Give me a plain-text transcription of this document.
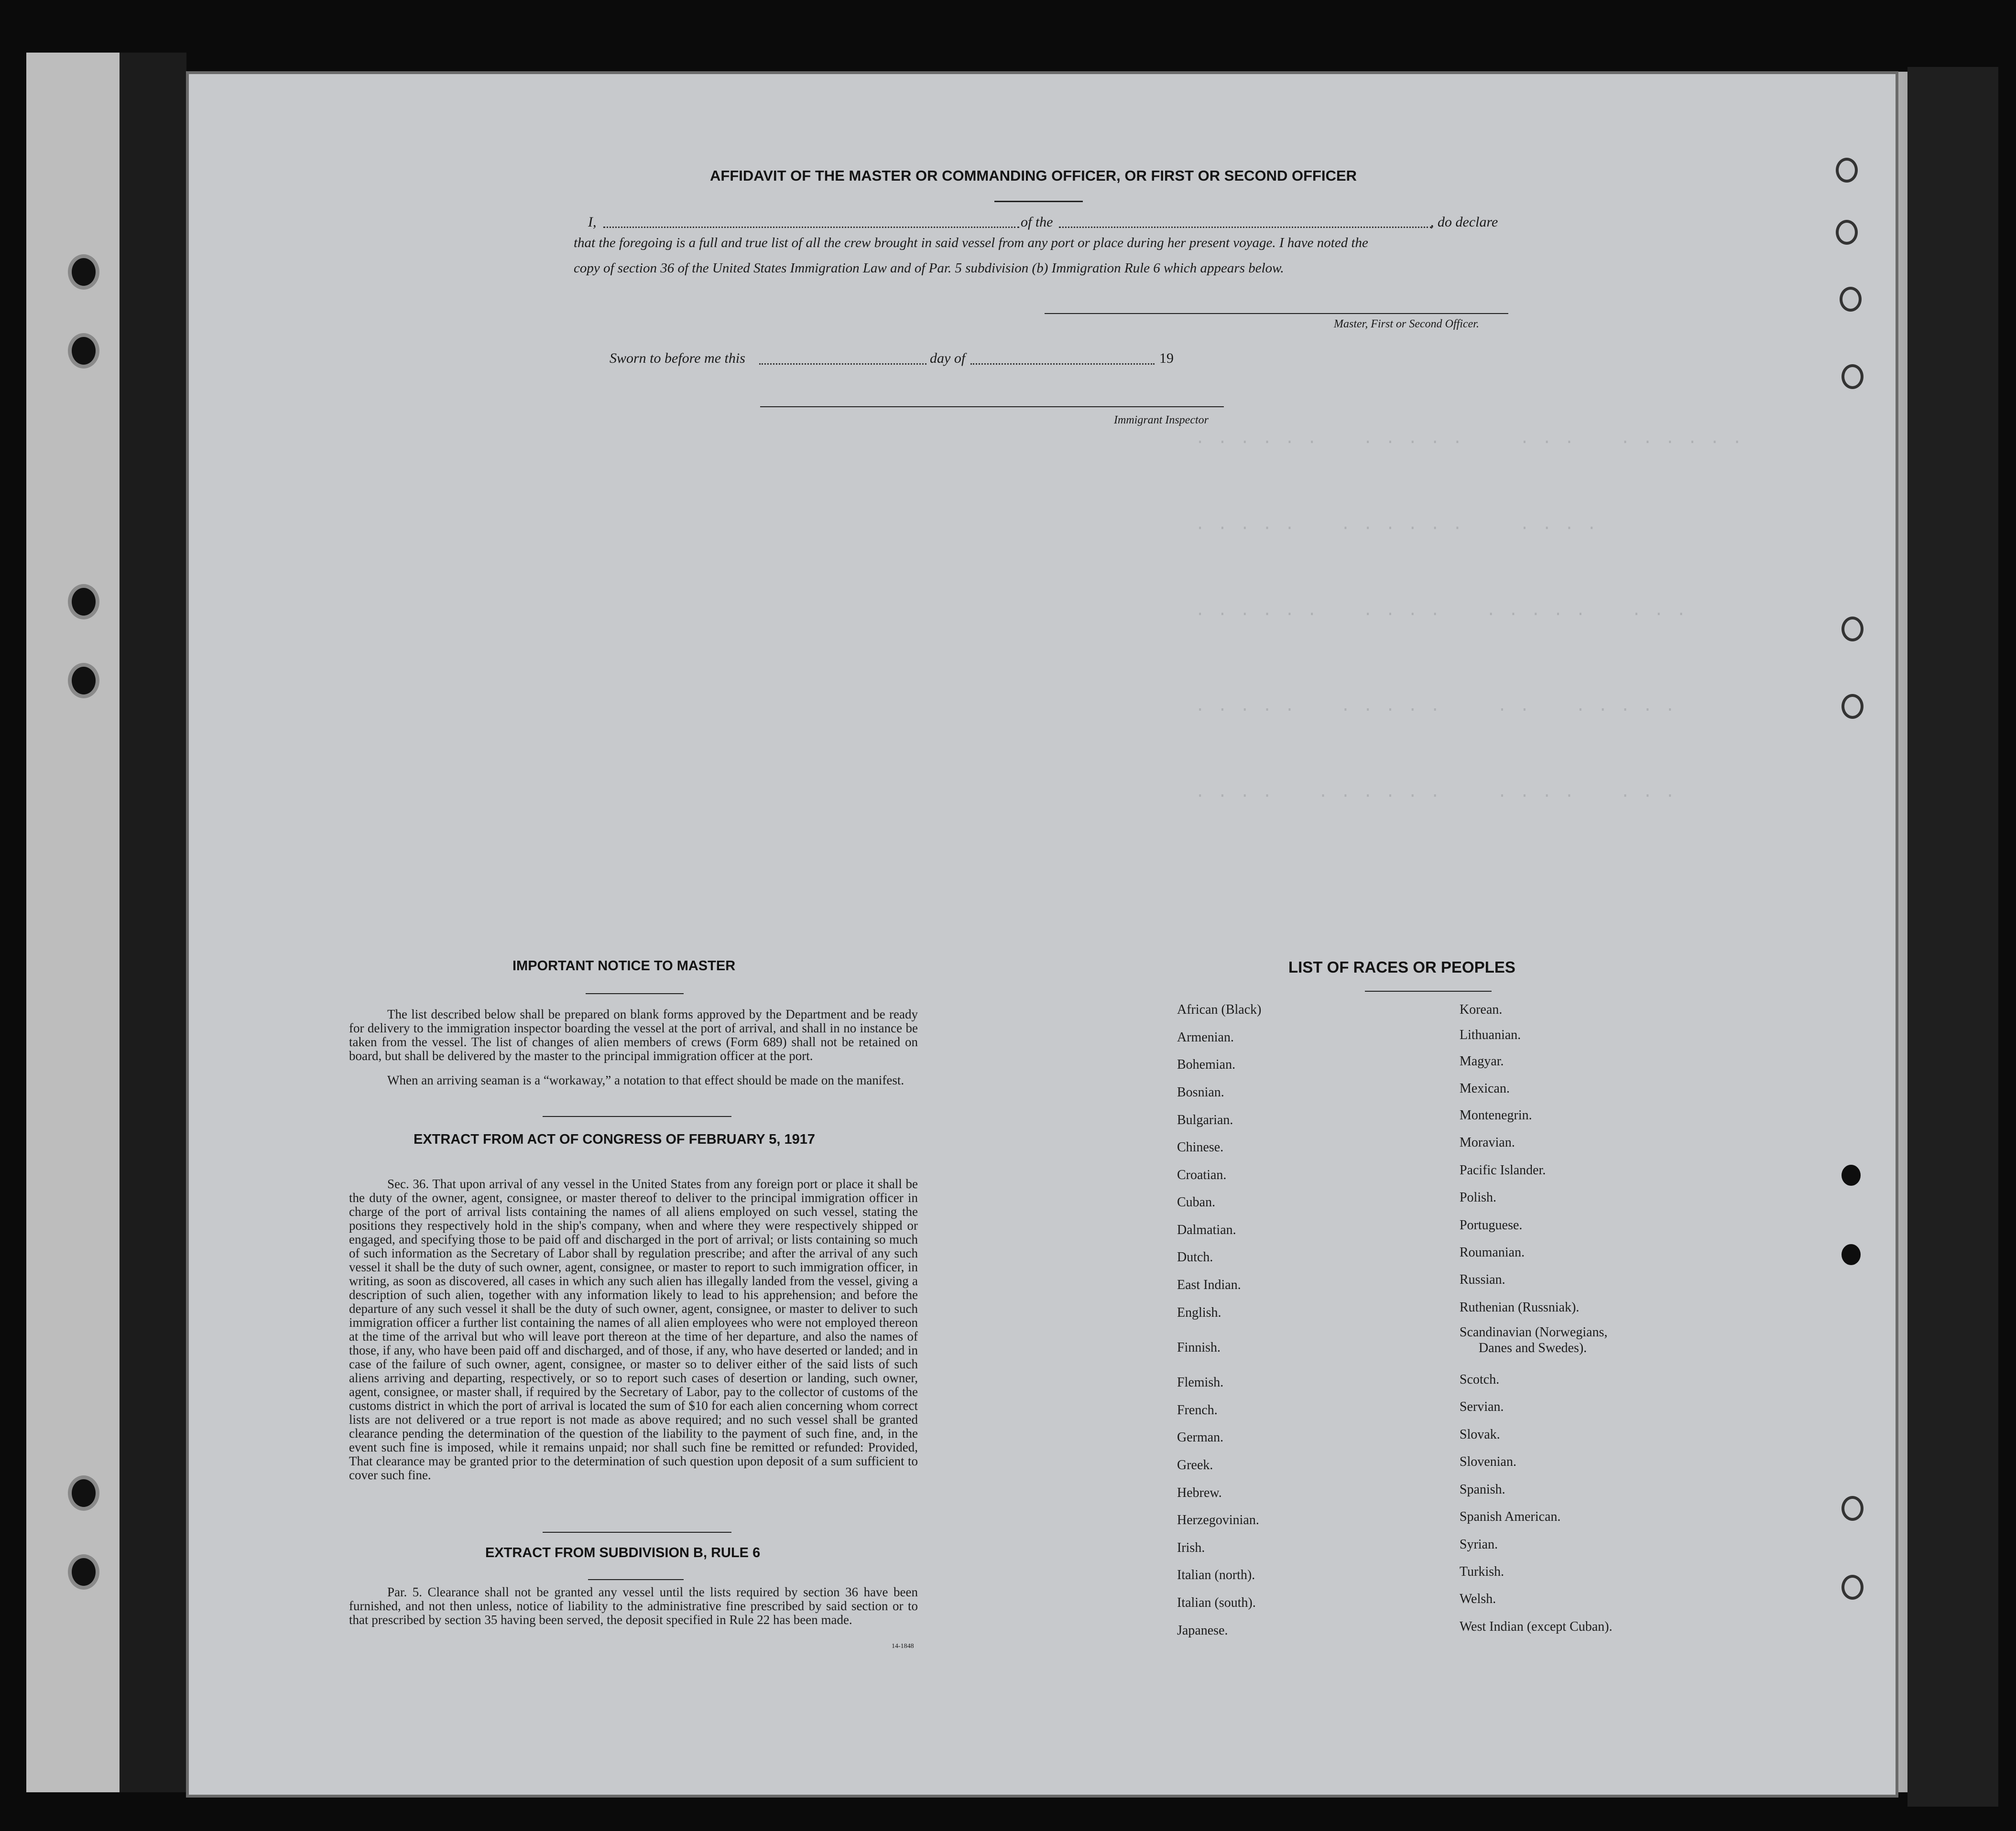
. . . . . .    . . . . .     . . .    . . . . . .
. . . . .    . . . . . .     . . . .
. . . . . .    . . . .    . . . . .    . . .
. . . . .    . . . . .     . .    . . . . .
. . . .    . . . . . .     . . . .    . . .
AFFIDAVIT OF THE MASTER OR COMMANDING OFFICER, OR FIRST OR SECOND OFFICER
I,	of the	, do declare
that the foregoing is a full and true list of all the crew brought in said vessel from any port or place during her present voyage. I have noted the
copy of section 36 of the United States Immigration Law and of Par. 5 subdivision (b) Immigration Rule 6 which appears below.
Master, First or Second Officer.
Sworn to before me this	day of	19
Immigrant Inspector
IMPORTANT NOTICE TO MASTER
The list described below shall be prepared on blank forms approved by the Department and be ready for delivery to the immigration inspector boarding the vessel at the port of arrival, and shall in no instance be taken from the vessel. The list of changes of alien members of crews (Form 689) shall not be retained on board, but shall be delivered by the master to the principal immigration officer at the port.
When an arriving seaman is a “workaway,” a notation to that effect should be made on the manifest.
EXTRACT FROM ACT OF CONGRESS OF FEBRUARY 5, 1917
Sec. 36. That upon arrival of any vessel in the United States from any foreign port or place it shall be the duty of the owner, agent, consignee, or master thereof to deliver to the principal immigration officer in charge of the port of arrival lists containing the names of all aliens employed on such vessel, stating the positions they respectively hold in the ship's company, when and where they were respectively shipped or engaged, and specifying those to be paid off and discharged in the port of arrival; or lists containing so much of such information as the Secretary of Labor shall by regulation prescribe; and after the arrival of any such vessel it shall be the duty of such owner, agent, consignee, or master to report to such immigration officer, in writing, as soon as discovered, all cases in which any such alien has illegally landed from the vessel, giving a description of such alien, together with any information likely to lead to his apprehension; and before the departure of any such vessel it shall be the duty of such owner, agent, consignee, or master to deliver to such immigration officer a further list containing the names of all alien employees who were not employed thereon at the time of the arrival but who will leave port thereon at the time of her departure, and also the names of those, if any, who have been paid off and discharged, and of those, if any, who have deserted or landed; and in case of the failure of such owner, agent, consignee, or master so to deliver either of the said lists of such aliens arriving and departing, respectively, or so to report such cases of desertion or landing, such owner, agent, consignee, or master shall, if required by the Secretary of Labor, pay to the collector of customs of the customs district in which the port of arrival is located the sum of $10 for each alien concerning whom correct lists are not delivered or a true report is not made as above required; and no such vessel shall be granted clearance pending the determination of the question of the liability to the payment of such fine, and, in the event such fine is imposed, while it remains unpaid; nor shall such fine be remitted or refunded: Provided, That clearance may be granted prior to the determination of such question upon deposit of a sum sufficient to cover such fine.
EXTRACT FROM SUBDIVISION B, RULE 6
Par. 5. Clearance shall not be granted any vessel until the lists required by section 36 have been furnished, and not then unless, notice of liability to the administrative fine prescribed by said section or to that prescribed by section 35 having been served, the deposit specified in Rule 22 has been made.
14-1848
LIST OF RACES OR PEOPLES
African (Black)
Armenian.
Bohemian.
Bosnian.
Bulgarian.
Chinese.
Croatian.
Cuban.
Dalmatian.
Dutch.
East Indian.
English.
Finnish.
Flemish.
French.
German.
Greek.
Hebrew.
Herzegovinian.
Irish.
Italian (north).
Italian (south).
Japanese.
Korean.
Lithuanian.
Magyar.
Mexican.
Montenegrin.
Moravian.
Pacific Islander.
Polish.
Portuguese.
Roumanian.
Russian.
Ruthenian (Russniak).
Scandinavian (Norwegians,
Danes and Swedes).
Scotch.
Servian.
Slovak.
Slovenian.
Spanish.
Spanish American.
Syrian.
Turkish.
Welsh.
West Indian (except Cuban).
